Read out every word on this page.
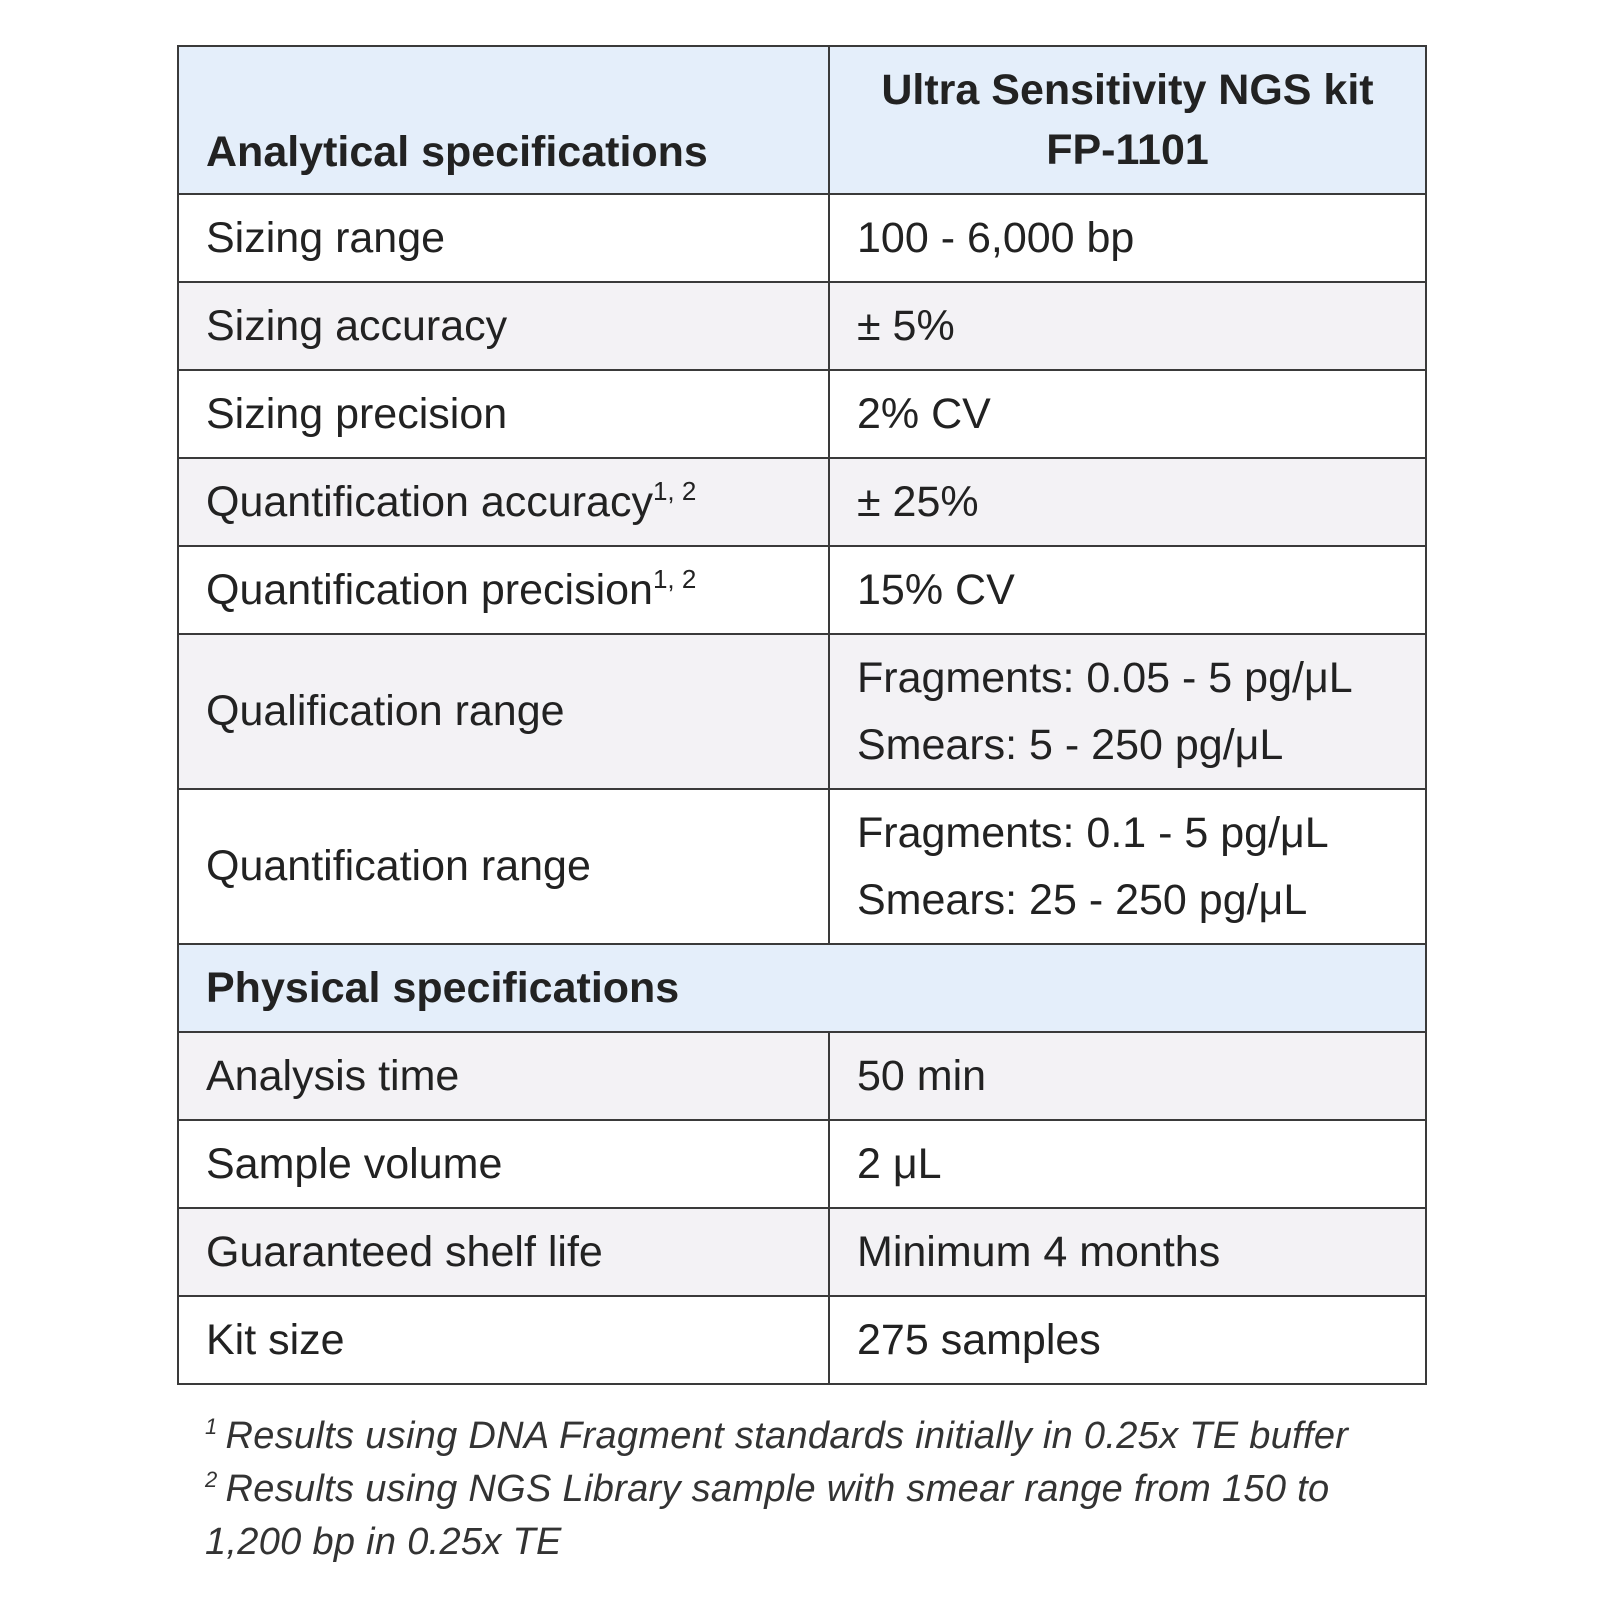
Analytical specifications	Ultra Sensitivity NGS kit
FP-1101
Sizing range	100 - 6,000 bp
Sizing accuracy	± 5%
Sizing precision	2% CV
Quantification accuracy$^{1, 2}$	± 25%
Quantification precision$^{1, 2}$	15% CV
Qualification range	Fragments: 0.05 - 5 pg/μL
Smears: 5 - 250 pg/μL
Quantification range	Fragments: 0.1 - 5 pg/μL
Smears: 25 - 250 pg/μL
Physical specifications	
Analysis time	50 min
Sample volume	2 μL
Guaranteed shelf life	Minimum 4 months
Kit size	275 samples
$^1$ Results using DNA Fragment standards initially in 0.25x TE buffer
$^2$ Results using NGS Library sample with smear range from 150 to 1,200 bp in 0.25x TE
